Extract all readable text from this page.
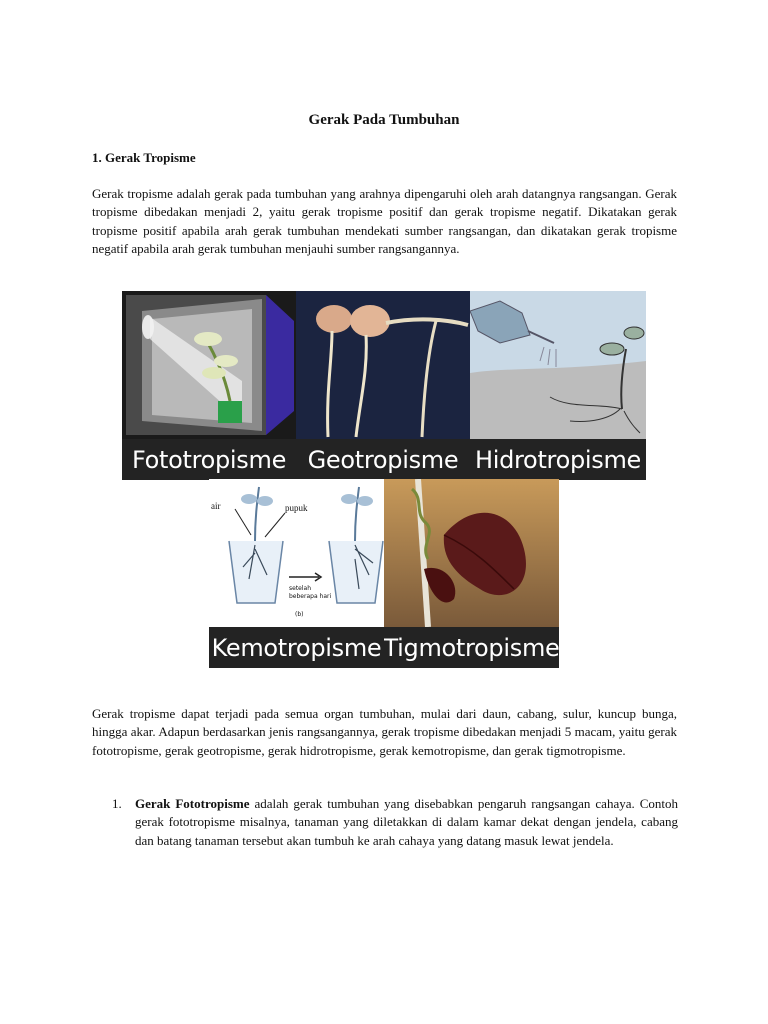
Gerak Pada Tumbuhan
1. Gerak Tropisme
Gerak tropisme adalah gerak pada tumbuhan yang arahnya dipengaruhi oleh arah datangnya rangsangan. Gerak tropisme dibedakan menjadi 2, yaitu gerak tropisme positif dan gerak tropisme negatif. Dikatakan gerak tropisme positif apabila arah gerak tumbuhan mendekati sumber rangsangan, dan dikatakan gerak tropisme negatif apabila arah gerak tumbuhan menjauhi sumber rangsangannya.
Fototropisme Geotropisme Hidrotropisme
air	pupuk
setelah
beberapa hari
(b)
Kemotropisme Tigmotropisme
Gerak tropisme dapat terjadi pada semua organ tumbuhan, mulai dari daun, cabang, sulur, kuncup bunga, hingga akar. Adapun berdasarkan jenis rangsangannya, gerak tropisme dibedakan menjadi 5 macam, yaitu gerak fototropisme, gerak geotropisme, gerak hidrotropisme, gerak kemotropisme, dan gerak tigmotropisme.
1. Gerak Fototropisme adalah gerak tumbuhan yang disebabkan pengaruh rangsangan cahaya. Contoh gerak fototropisme misalnya, tanaman yang diletakkan di dalam kamar dekat dengan jendela, cabang dan batang tanaman tersebut akan tumbuh ke arah cahaya yang datang masuk lewat jendela.
